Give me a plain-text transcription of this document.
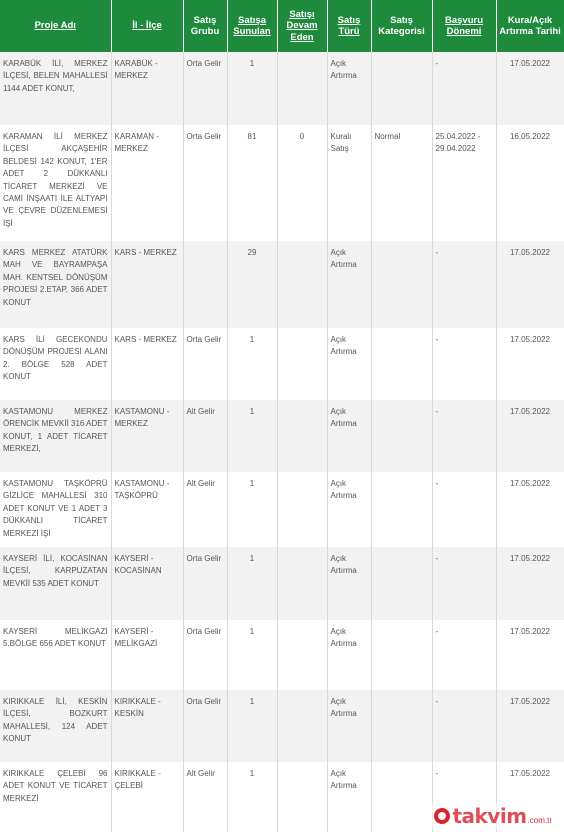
Proje Adı	İl - İlçe	Satış Grubu	Satışa Sunulan	Satışı Devam Eden	Satış Türü	Satış Kategorisi	Başvuru Dönemi	Kura/Açık Artırma Tarihi
KARABÜK İLİ, MERKEZ İLÇESİ, BELEN MAHALLESİ 1144 ADET KONUT,	KARABÜK - MERKEZ	Orta Gelir	1		Açık Artırma		-	17.05.2022
KARAMAN İLİ MERKEZ İLÇESİ AKÇAŞEHİR BELDESİ 142 KONUT, 1'ER ADET 2 DÜKKANLI TİCARET MERKEZİ VE CAMİ İNŞAATI İLE ALTYAPI VE ÇEVRE DÜZENLEMESİ İŞİ	KARAMAN - MERKEZ	Orta Gelir	81	0	Kuralı Satış	Normal	25.04.2022 - 29.04.2022	16.05.2022
KARS MERKEZ ATATÜRK MAH VE BAYRAMPAŞA MAH. KENTSEL DÖNÜŞÜM PROJESİ 2.ETAP, 366 ADET KONUT	KARS - MERKEZ		29		Açık Artırma		-	17.05.2022
KARS İLİ GECEKONDU DÖNÜŞÜM PROJESİ ALANI 2. BÖLGE 528 ADET KONUT	KARS - MERKEZ	Orta Gelir	1		Açık Artırma		-	17.05.2022
KASTAMONU MERKEZ ÖRENCİK MEVKİİ 316 ADET KONUT, 1 ADET TİCARET MERKEZİ,	KASTAMONU - MERKEZ	Alt Gelir	1		Açık Artırma		-	17.05.2022
KASTAMONU TAŞKÖPRÜ GİZLİCE MAHALLESİ 310 ADET KONUT VE 1 ADET 3 DÜKKANLI TİCARET MERKEZİ İŞİ	KASTAMONU - TAŞKÖPRÜ	Alt Gelir	1		Açık Artırma		-	17.05.2022
KAYSERİ İLİ, KOCASİNAN İLÇESİ, KARPUZATAN MEVKİİ 535 ADET KONUT	KAYSERİ - KOCASİNAN	Orta Gelir	1		Açık Artırma		-	17.05.2022
KAYSERİ MELİKGAZİ 5.BÖLGE 656 ADET KONUT	KAYSERİ - MELİKGAZİ	Orta Gelir	1		Açık Artırma		-	17.05.2022
KIRIKKALE İLİ, KESKİN İLÇESİ, BOZKURT MAHALLESİ, 124 ADET KONUT	KIRIKKALE - KESKİN	Orta Gelir	1		Açık Artırma		-	17.05.2022
KIRIKKALE ÇELEBİ 96 ADET KONUT VE TİCARET MERKEZİ	KIRIKKALE - ÇELEBİ	Alt Gelir	1		Açık Artırma		-	17.05.2022
takvim .com.tr
